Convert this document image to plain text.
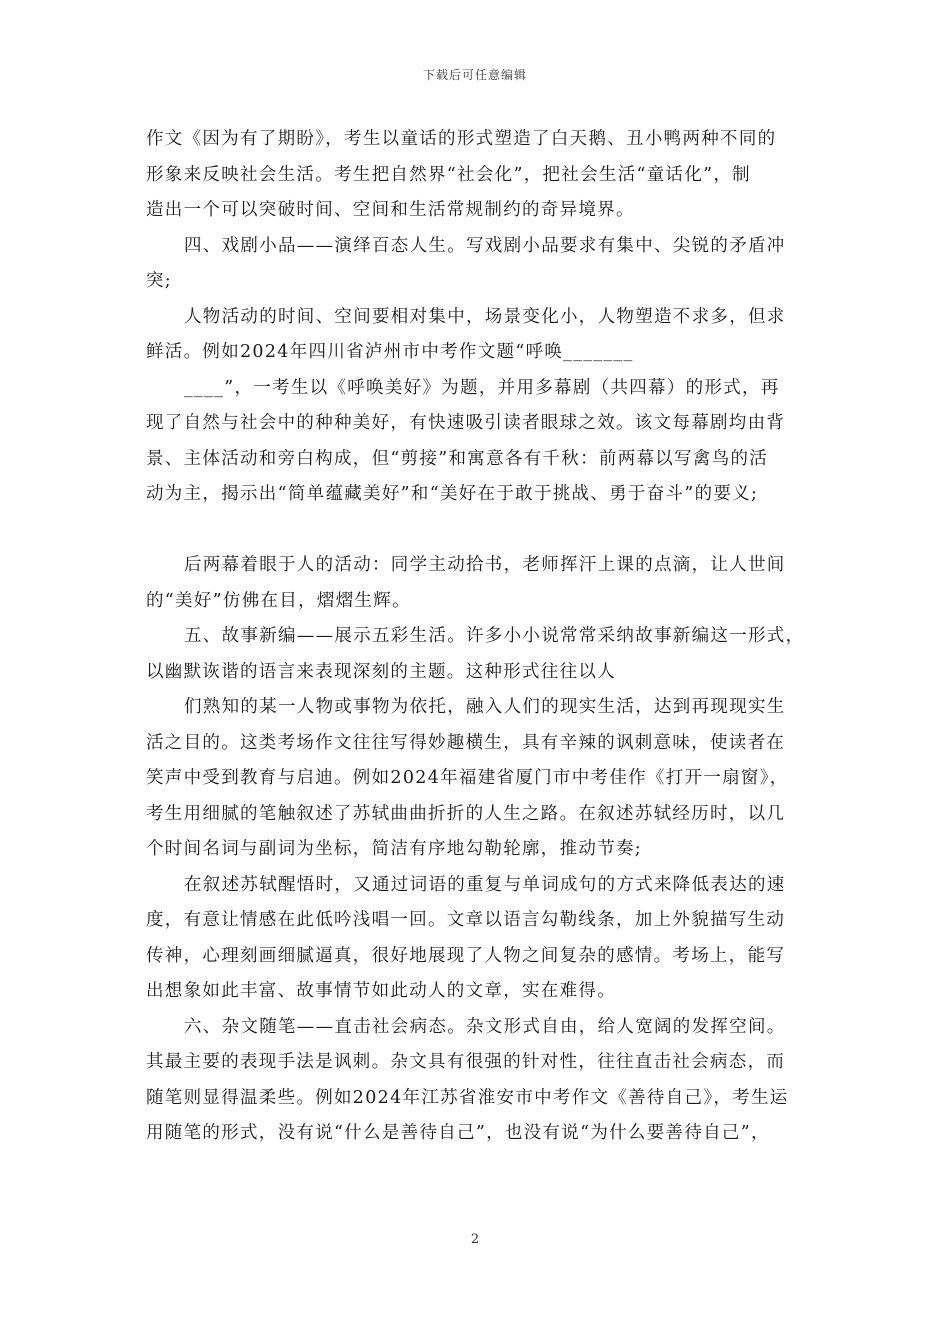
下载后可任意编辑
作文《因为有了期盼》，考生以童话的形式塑造了白天鹅、丑小鸭两种不同的
形象来反映社会生活。考生把自然界“社会化”，把社会生活“童话化”，制
造出一个可以突破时间、空间和生活常规制约的奇异境界。
四、戏剧小品——演绎百态人生。写戏剧小品要求有集中、尖锐的矛盾冲
突;
人物活动的时间、空间要相对集中，场景变化小，人物塑造不求多，但求
鲜活。例如2024年四川省泸州市中考作文题“呼唤_______
____”，一考生以《呼唤美好》为题，并用多幕剧（共四幕）的形式，再
现了自然与社会中的种种美好，有快速吸引读者眼球之效。该文每幕剧均由背
景、主体活动和旁白构成，但“剪接”和寓意各有千秋：前两幕以写禽鸟的活
动为主，揭示出“简单蕴藏美好”和“美好在于敢于挑战、勇于奋斗”的要义;
后两幕着眼于人的活动：同学主动拾书，老师挥汗上课的点滴，让人世间
的“美好”仿佛在目，熠熠生辉。
五、故事新编——展示五彩生活。许多小小说常常采纳故事新编这一形式，
以幽默诙谐的语言来表现深刻的主题。这种形式往往以人
们熟知的某一人物或事物为依托，融入人们的现实生活，达到再现现实生
活之目的。这类考场作文往往写得妙趣横生，具有辛辣的讽刺意味，使读者在
笑声中受到教育与启迪。例如2024年福建省厦门市中考佳作《打开一扇窗》，
考生用细腻的笔触叙述了苏轼曲曲折折的人生之路。在叙述苏轼经历时，以几
个时间名词与副词为坐标，简洁有序地勾勒轮廓，推动节奏;
在叙述苏轼醒悟时，又通过词语的重复与单词成句的方式来降低表达的速
度，有意让情感在此低吟浅唱一回。文章以语言勾勒线条，加上外貌描写生动
传神，心理刻画细腻逼真，很好地展现了人物之间复杂的感情。考场上，能写
出想象如此丰富、故事情节如此动人的文章，实在难得。
六、杂文随笔——直击社会病态。杂文形式自由，给人宽阔的发挥空间。
其最主要的表现手法是讽刺。杂文具有很强的针对性，往往直击社会病态，而
随笔则显得温柔些。例如2024年江苏省淮安市中考作文《善待自己》，考生运
用随笔的形式，没有说“什么是善待自己”，也没有说“为什么要善待自己”，
2
